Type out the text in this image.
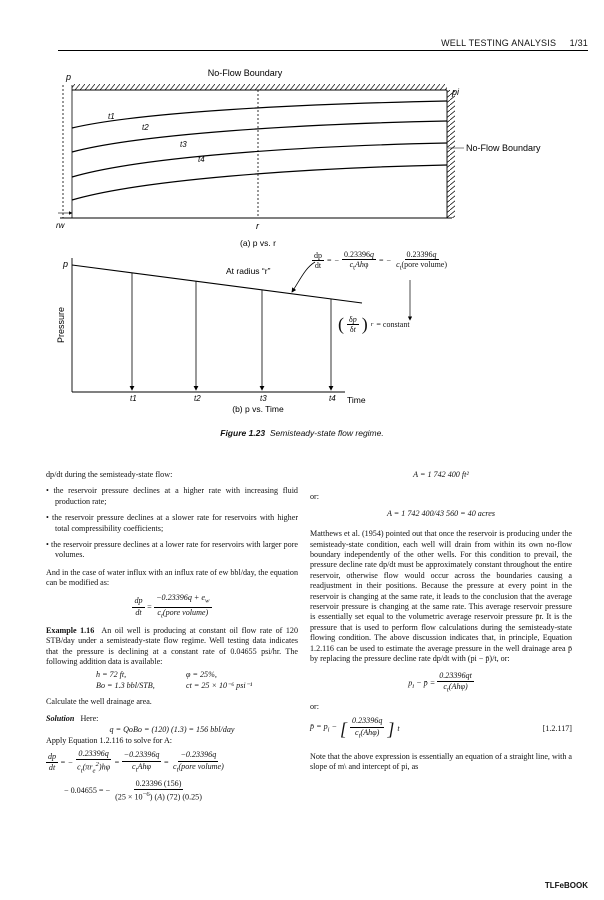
WELL TESTING ANALYSIS 1/31
p	No-Flow Boundary
No-Flow Boundary
pi
rw	r
t1
t2
t3
t4
(a) p vs. r
p
Pressure
Time
t1	t2	t3	t4
At radius “r”
$\frac{dp}{dt}$ = −
0.23396q
$c_tAh\varphi$ = −
0.23396q
$c_t(pore$ volume)
dp/dt = − 0.23396q / (ct A h φ) = − 0.23396q / (ct (pore volume))
( δp
δt ) r = constant
(b) p vs. Time
Figure 1.23 Semisteady-state flow regime.

dp/dt during the semisteady-state flow:

• the reservoir pressure declines at a higher rate with increasing fluid production rate;

• the reservoir pressure declines at a slower rate for reservoirs with higher total compressibility coefficients;

• the reservoir pressure declines at a lower rate for reservoirs with larger pore volumes.

And in the case of water influx with an influx rate of ew bbl/day, the equation can be modified as:

$\frac{dp}{dt}$ =
$-0.23396q + e_w$
$c_t(pore$ volume)

Example 1.16 An oil well is producing at constant oil flow rate of 120 STB/day under a semisteady-state flow regime. Well testing data indicates that the pressure is declining at a constant rate of 0.04655 psi/hr. The following addition data is available:

h = 72 ft,	φ = 25%,
Bo = 1.3 bbl/STB,	ct = 25 × 10⁻⁶ psi⁻¹

Calculate the well drainage area.

Solution Here:

q = QoBo = (120) (1.3) = 156 bbl/day

Apply Equation 1.2.116 to solve for A:

$\frac{dp}{dt}$ = −
0.23396q
$c_t(\pi r_e^2)h\varphi$
=
−0.23396q
$c_tAh\varphi$ =
−0.23396q
$c_t(pore$ volume)
− 0.04655 = − $\frac{0.23396 (156)}{(25 \times 10^{-6}) (A) (72) (0.25)}$
A = 1 742 400 ft²

or:

A = 1 742 400/43 560 = 40 acres

Matthews et al. (1954) pointed out that once the reservoir is producing under the semisteady-state condition, each well will drain from within its own no-flow boundary independently of the other wells. For this condition to prevail, the pressure decline rate dp/dt must be approximately constant throughout the entire reservoir, otherwise flow would occur across the boundaries causing a readjustment in their positions. Because the pressure at every point in the reservoir is changing at the same rate, it leads to the conclusion that the average reservoir pressure is changing at the same rate. This average reservoir pressure is essentially set equal to the volumetric average reservoir pressure p̄r. It is the pressure that is used to perform flow calculations during the semisteady-state flowing condition. The above discussion indicates that, in principle, Equation 1.2.116 can be used to estimate the average pressure in the well drainage area p̄ by replacing the pressure decline rate dp/dt with (pi − p̄)/t, or:

$p_i$ − p̄ =
0.23396qt
$c_t(Ah\varphi)$

or:

p̄ = $p_i$ − [ 0.23396q
$c_t(Ah\varphi)$ ] t	[1.2.117]

Note that the above expression is essentially an equation of a straight line, with a slope of m\ and intercept of pi, as

TLFeBOOK
